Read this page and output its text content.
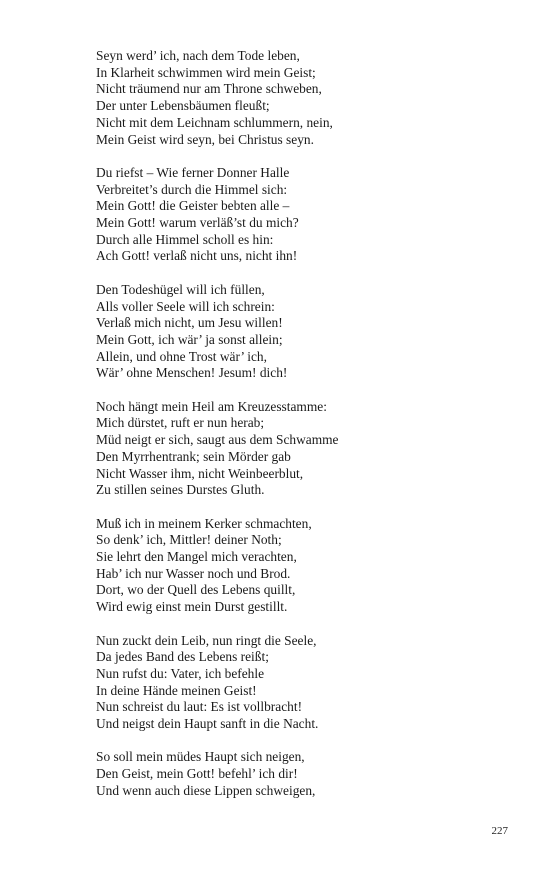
Seyn werd’ ich, nach dem Tode leben,
In Klarheit schwimmen wird mein Geist;
Nicht träumend nur am Throne schweben,
Der unter Lebensbäumen fleußt;
Nicht mit dem Leichnam schlummern, nein,
Mein Geist wird seyn, bei Christus seyn.
Du riefst – Wie ferner Donner Halle
Verbreitet’s durch die Himmel sich:
Mein Gott! die Geister bebten alle –
Mein Gott! warum verläß’st du mich?
Durch alle Himmel scholl es hin:
Ach Gott! verlaß nicht uns, nicht ihn!
Den Todeshügel will ich füllen,
Alls voller Seele will ich schrein:
Verlaß mich nicht, um Jesu willen!
Mein Gott, ich wär’ ja sonst allein;
Allein, und ohne Trost wär’ ich,
Wär’ ohne Menschen! Jesum! dich!
Noch hängt mein Heil am Kreuzesstamme:
Mich dürstet, ruft er nun herab;
Müd neigt er sich, saugt aus dem Schwamme
Den Myrrhentrank; sein Mörder gab
Nicht Wasser ihm, nicht Weinbeerblut,
Zu stillen seines Durstes Gluth.
Muß ich in meinem Kerker schmachten,
So denk’ ich, Mittler! deiner Noth;
Sie lehrt den Mangel mich verachten,
Hab’ ich nur Wasser noch und Brod.
Dort, wo der Quell des Lebens quillt,
Wird ewig einst mein Durst gestillt.
Nun zuckt dein Leib, nun ringt die Seele,
Da jedes Band des Lebens reißt;
Nun rufst du: Vater, ich befehle
In deine Hände meinen Geist!
Nun schreist du laut: Es ist vollbracht!
Und neigst dein Haupt sanft in die Nacht.
So soll mein müdes Haupt sich neigen,
Den Geist, mein Gott! befehl’ ich dir!
Und wenn auch diese Lippen schweigen,
227
